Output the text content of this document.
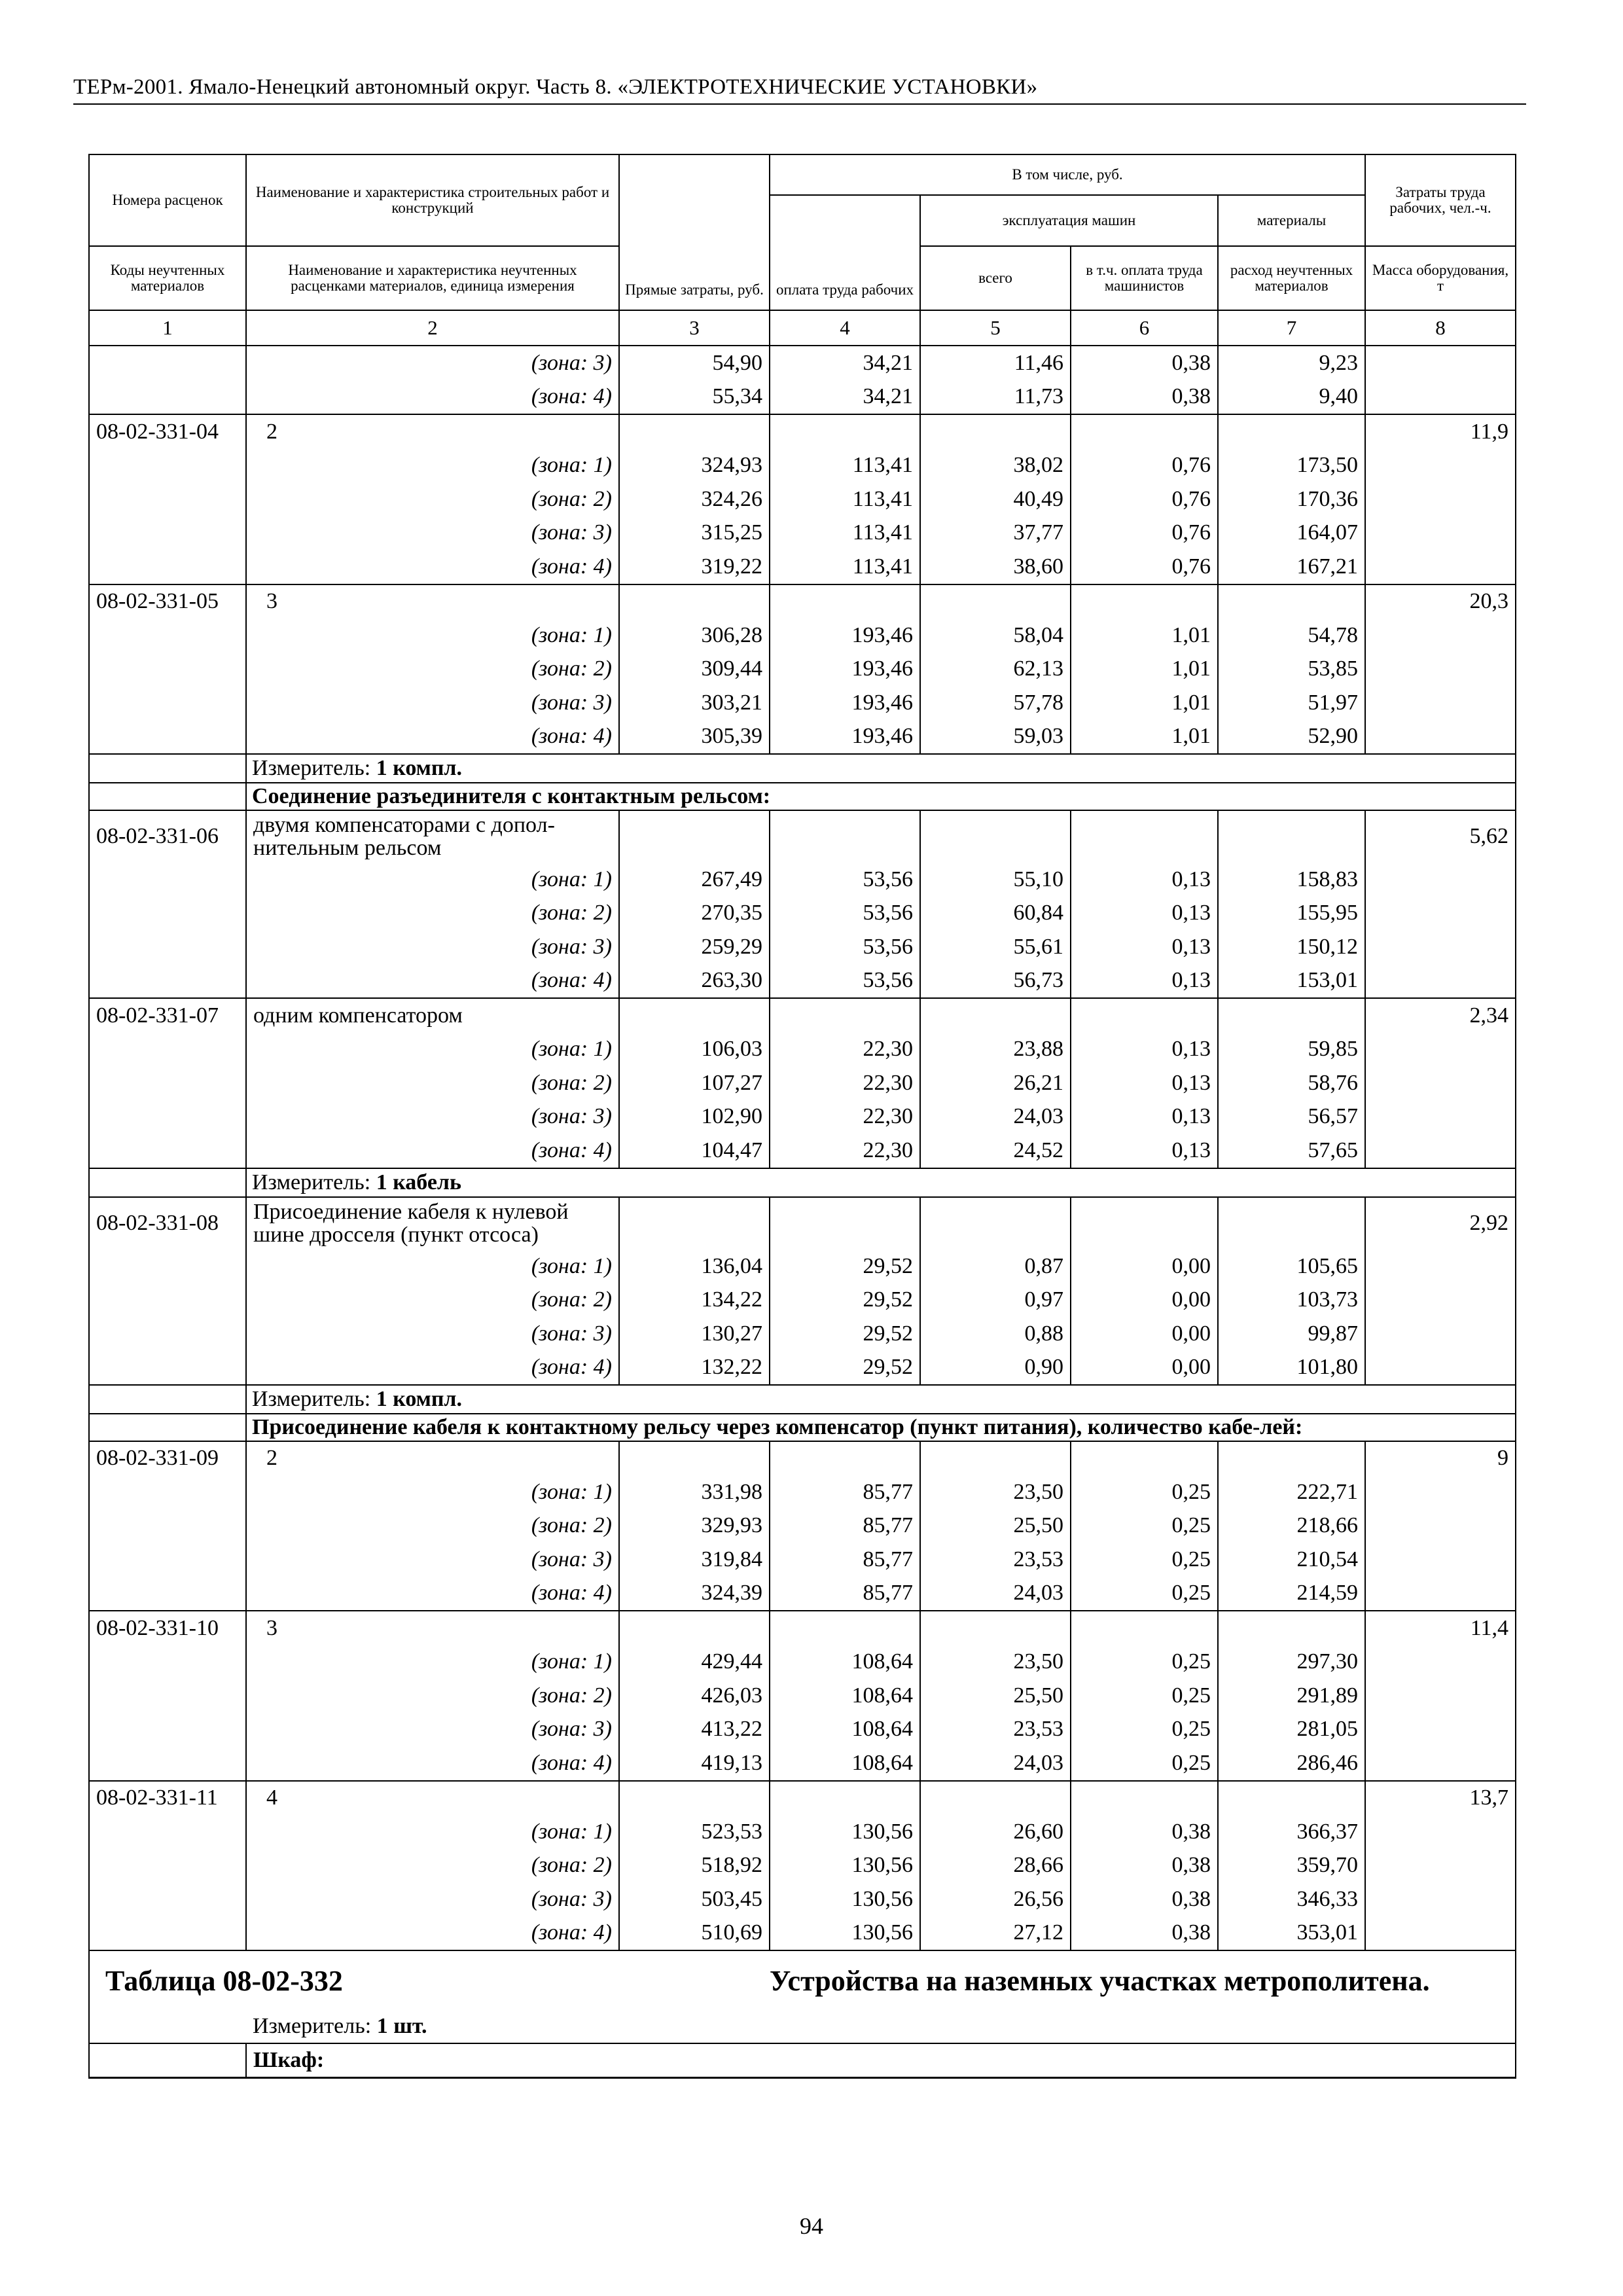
ТЕРм-2001. Ямало-Ненецкий автономный округ. Часть 8. «ЭЛЕКТРОТЕХНИЧЕСКИЕ УСТАНОВКИ»
Номера расценок	Наименование и характеристика строительных работ и конструкций	Прямые затраты, руб.	В том числе, руб.				Затраты труда рабочих, чел.-ч.
			оплата труда рабочих	эксплуатация машин		материалы	
Коды неучтенных материалов	Наименование и характеристика неучтенных расценками материалов, единица измерения			всего	в т.ч. оплата труда машинистов	расход неучтенных материалов	Масса оборудования, т
1	2	3	4	5	6	7	8
	(зона: 3)	54,90	34,21	11,46	0,38	9,23	
	(зона: 4)	55,34	34,21	11,73	0,38	9,40	
08-02-331-04	2						11,9
	(зона: 1)	324,93	113,41	38,02	0,76	173,50	
	(зона: 2)	324,26	113,41	40,49	0,76	170,36	
	(зона: 3)	315,25	113,41	37,77	0,76	164,07	
	(зона: 4)	319,22	113,41	38,60	0,76	167,21	
08-02-331-05	3						20,3
	(зона: 1)	306,28	193,46	58,04	1,01	54,78	
	(зона: 2)	309,44	193,46	62,13	1,01	53,85	
	(зона: 3)	303,21	193,46	57,78	1,01	51,97	
	(зона: 4)	305,39	193,46	59,03	1,01	52,90	
	Измеритель: 1 компл.						
	Соединение разъединителя с контактным рельсом:						
08-02-331-06	двумя компенсаторами с допол-нительным рельсом						5,62
	(зона: 1)	267,49	53,56	55,10	0,13	158,83	
	(зона: 2)	270,35	53,56	60,84	0,13	155,95	
	(зона: 3)	259,29	53,56	55,61	0,13	150,12	
	(зона: 4)	263,30	53,56	56,73	0,13	153,01	
08-02-331-07	одним компенсатором						2,34
	(зона: 1)	106,03	22,30	23,88	0,13	59,85	
	(зона: 2)	107,27	22,30	26,21	0,13	58,76	
	(зона: 3)	102,90	22,30	24,03	0,13	56,57	
	(зона: 4)	104,47	22,30	24,52	0,13	57,65	
	Измеритель: 1 кабель						
08-02-331-08	Присоединение кабеля к нулевой шине дросселя (пункт отсоса)						2,92
	(зона: 1)	136,04	29,52	0,87	0,00	105,65	
	(зона: 2)	134,22	29,52	0,97	0,00	103,73	
	(зона: 3)	130,27	29,52	0,88	0,00	99,87	
	(зона: 4)	132,22	29,52	0,90	0,00	101,80	
	Измеритель: 1 компл.						
	Присоединение кабеля к контактному рельсу через компенсатор (пункт питания), количество кабе-лей:						
08-02-331-09	2						9
	(зона: 1)	331,98	85,77	23,50	0,25	222,71	
	(зона: 2)	329,93	85,77	25,50	0,25	218,66	
	(зона: 3)	319,84	85,77	23,53	0,25	210,54	
	(зона: 4)	324,39	85,77	24,03	0,25	214,59	
08-02-331-10	3						11,4
	(зона: 1)	429,44	108,64	23,50	0,25	297,30	
	(зона: 2)	426,03	108,64	25,50	0,25	291,89	
	(зона: 3)	413,22	108,64	23,53	0,25	281,05	
	(зона: 4)	419,13	108,64	24,03	0,25	286,46	
08-02-331-11	4						13,7
	(зона: 1)	523,53	130,56	26,60	0,38	366,37	
	(зона: 2)	518,92	130,56	28,66	0,38	359,70	
	(зона: 3)	503,45	130,56	26,56	0,38	346,33	
	(зона: 4)	510,69	130,56	27,12	0,38	353,01	
Таблица 08-02-332			Устройства на наземных участках метрополитена.				
	Измеритель: 1 шт.						
	Шкаф:						
94
